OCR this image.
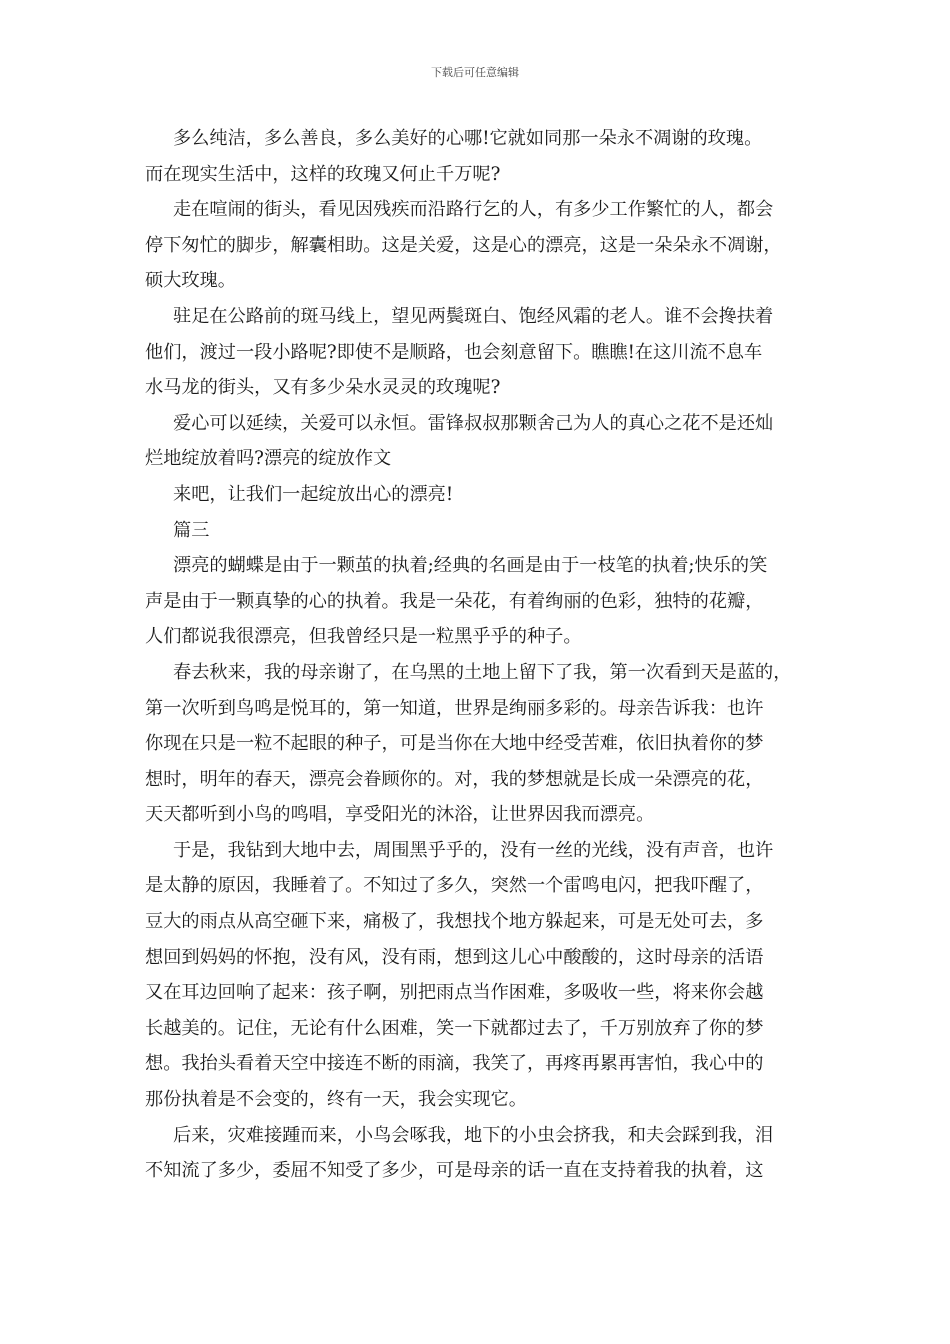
下载后可任意编辑
多么纯洁，多么善良，多么美好的心哪!它就如同那一朵永不凋谢的玫瑰。
而在现实生活中，这样的玫瑰又何止千万呢?
走在喧闹的街头，看见因残疾而沿路行乞的人，有多少工作繁忙的人，都会
停下匆忙的脚步，解囊相助。这是关爱，这是心的漂亮，这是一朵朵永不凋谢，
硕大玫瑰。
驻足在公路前的斑马线上，望见两鬓斑白、饱经风霜的老人。谁不会搀扶着
他们，渡过一段小路呢?即使不是顺路，也会刻意留下。瞧瞧!在这川流不息车
水马龙的街头，又有多少朵水灵灵的玫瑰呢?
爱心可以延续，关爱可以永恒。雷锋叔叔那颗舍己为人的真心之花不是还灿
烂地绽放着吗?漂亮的绽放作文
来吧，让我们一起绽放出心的漂亮!
篇三
漂亮的蝴蝶是由于一颗茧的执着;经典的名画是由于一枝笔的执着;快乐的笑
声是由于一颗真挚的心的执着。我是一朵花，有着绚丽的色彩，独特的花瓣，
人们都说我很漂亮，但我曾经只是一粒黑乎乎的种子。
春去秋来，我的母亲谢了，在乌黑的土地上留下了我，第一次看到天是蓝的，
第一次听到鸟鸣是悦耳的，第一知道，世界是绚丽多彩的。母亲告诉我：也许
你现在只是一粒不起眼的种子，可是当你在大地中经受苦难，依旧执着你的梦
想时，明年的春天，漂亮会眷顾你的。对，我的梦想就是长成一朵漂亮的花，
天天都听到小鸟的鸣唱，享受阳光的沐浴，让世界因我而漂亮。
于是，我钻到大地中去，周围黑乎乎的，没有一丝的光线，没有声音，也许
是太静的原因，我睡着了。不知过了多久，突然一个雷鸣电闪，把我吓醒了，
豆大的雨点从高空砸下来，痛极了，我想找个地方躲起来，可是无处可去，多
想回到妈妈的怀抱，没有风，没有雨，想到这儿心中酸酸的，这时母亲的活语
又在耳边回响了起来：孩子啊，别把雨点当作困难，多吸收一些，将来你会越
长越美的。记住，无论有什么困难，笑一下就都过去了，千万别放弃了你的梦
想。我抬头看着天空中接连不断的雨滴，我笑了，再疼再累再害怕，我心中的
那份执着是不会变的，终有一天，我会实现它。
后来，灾难接踵而来，小鸟会啄我，地下的小虫会挤我，和夫会踩到我，泪
不知流了多少，委屈不知受了多少，可是母亲的话一直在支持着我的执着，这
